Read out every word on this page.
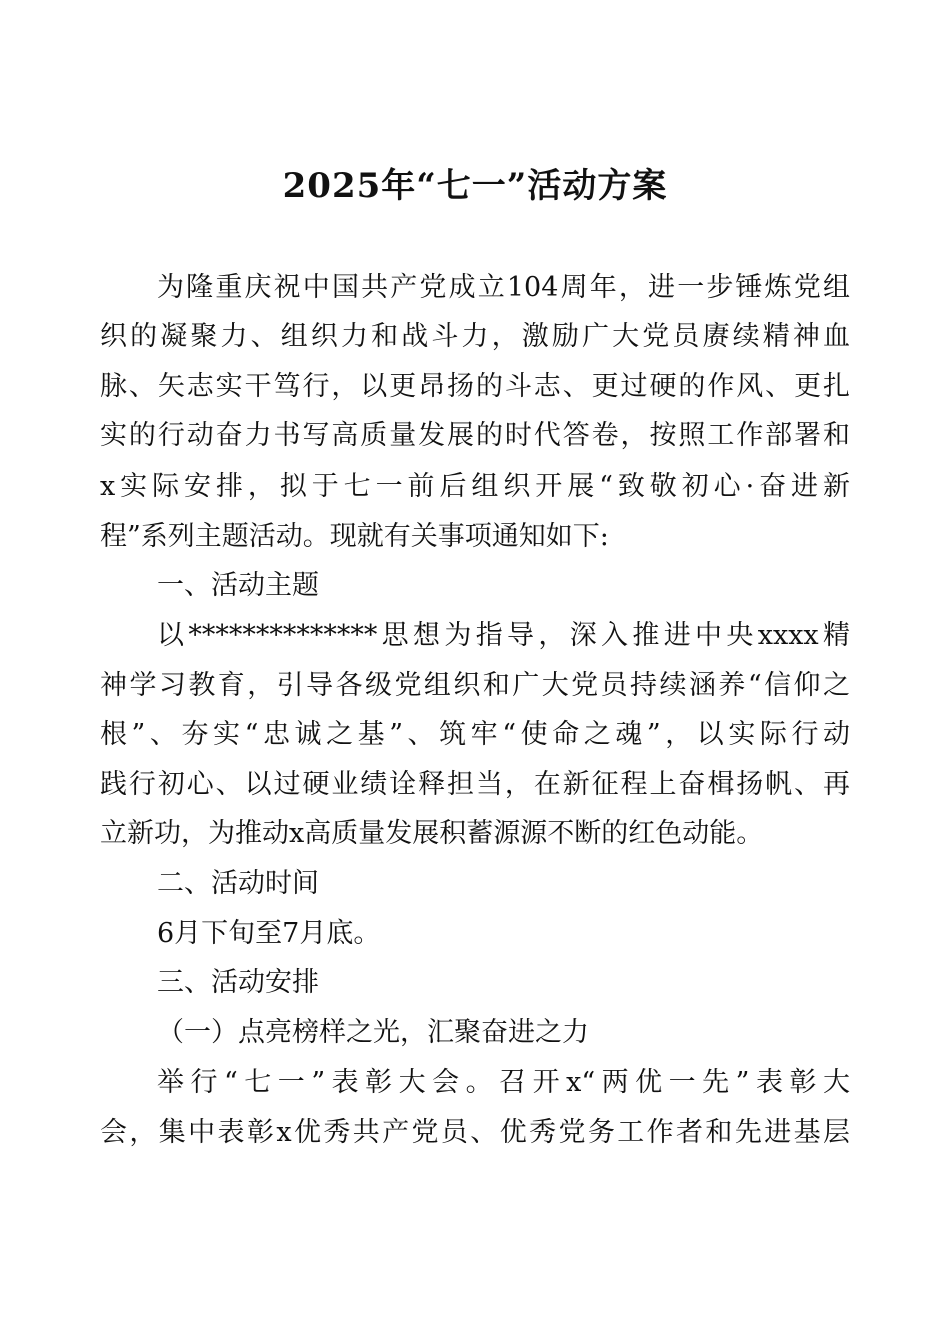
2025年“七一”活动方案
为隆重庆祝中国共产党成立104周年，进一步锤炼党组
织的凝聚力、组织力和战斗力，激励广大党员赓续精神血
脉、矢志实干笃行，以更昂扬的斗志、更过硬的作风、更扎
实的行动奋力书写高质量发展的时代答卷，按照工作部署和
x实际安排，拟于七一前后组织开展“致敬初心·奋进新
程”系列主题活动。现就有关事项通知如下:
一、活动主题
以**************思想为指导，深入推进中央xxxx精
神学习教育，引导各级党组织和广大党员持续涵养“信仰之
根”、夯实“忠诚之基”、筑牢“使命之魂”，以实际行动
践行初心、以过硬业绩诠释担当，在新征程上奋楫扬帆、再
立新功，为推动x高质量发展积蓄源源不断的红色动能。
二、活动时间
6月下旬至7月底。
三、活动安排
（一）点亮榜样之光，汇聚奋进之力
举行“七一”表彰大会。召开x“两优一先”表彰大
会，集中表彰x优秀共产党员、优秀党务工作者和先进基层
